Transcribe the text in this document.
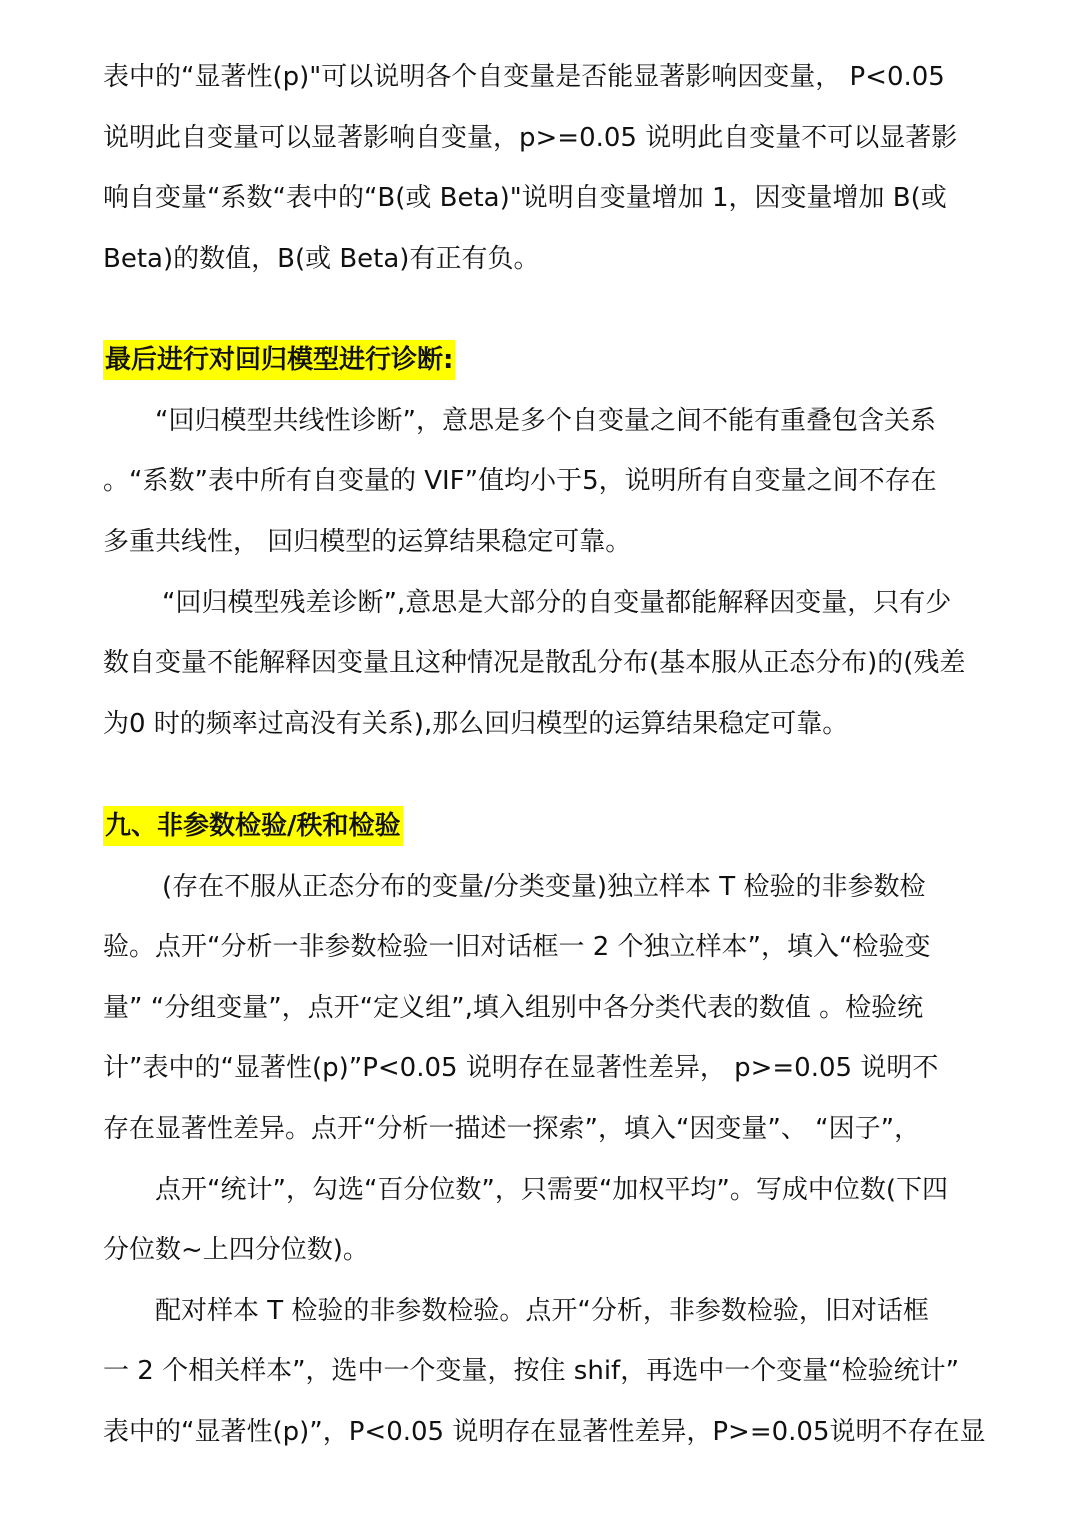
表中的“显著性(p)"可以说明各个自变量是否能显著影响因变量， P<0.05
说明此自变量可以显著影响自变量，p>=0.05 说明此自变量不可以显著影
响自变量“系数“表中的“B(或 Beta)"说明自变量增加 1，因变量增加 B(或
Beta)的数值，B(或 Beta)有正有负。
最后进行对回归模型进行诊断:
“回归模型共线性诊断”，意思是多个自变量之间不能有重叠包含关系
。“系数”表中所有自变量的 VIF”值均小于5，说明所有自变量之间不存在
多重共线性， 回归模型的运算结果稳定可靠。
“回归模型残差诊断”,意思是大部分的自变量都能解释因变量，只有少
数自变量不能解释因变量且这种情况是散乱分布(基本服从正态分布)的(残差
为0 时的频率过高没有关系),那么回归模型的运算结果稳定可靠。
九、非参数检验/秩和检验
(存在不服从正态分布的变量/分类变量)独立样本 T 检验的非参数检
验。点开“分析一非参数检验一旧对话框一 2 个独立样本”，填入“检验变
量” “分组变量”，点开“定义组”,填入组别中各分类代表的数值 。检验统
计”表中的“显著性(p)”P<0.05 说明存在显著性差异， p>=0.05 说明不
存在显著性差异。点开“分析一描述一探索”，填入“因变量”、 “因子”，
点开“统计”，勾选“百分位数”，只需要“加权平均”。写成中位数(下四
分位数~上四分位数)。
配对样本 T 检验的非参数检验。点开“分析，非参数检验，旧对话框
一 2 个相关样本”，选中一个变量，按住 shif，再选中一个变量“检验统计”
表中的“显著性(p)”，P<0.05 说明存在显著性差异，P>=0.05说明不存在显
